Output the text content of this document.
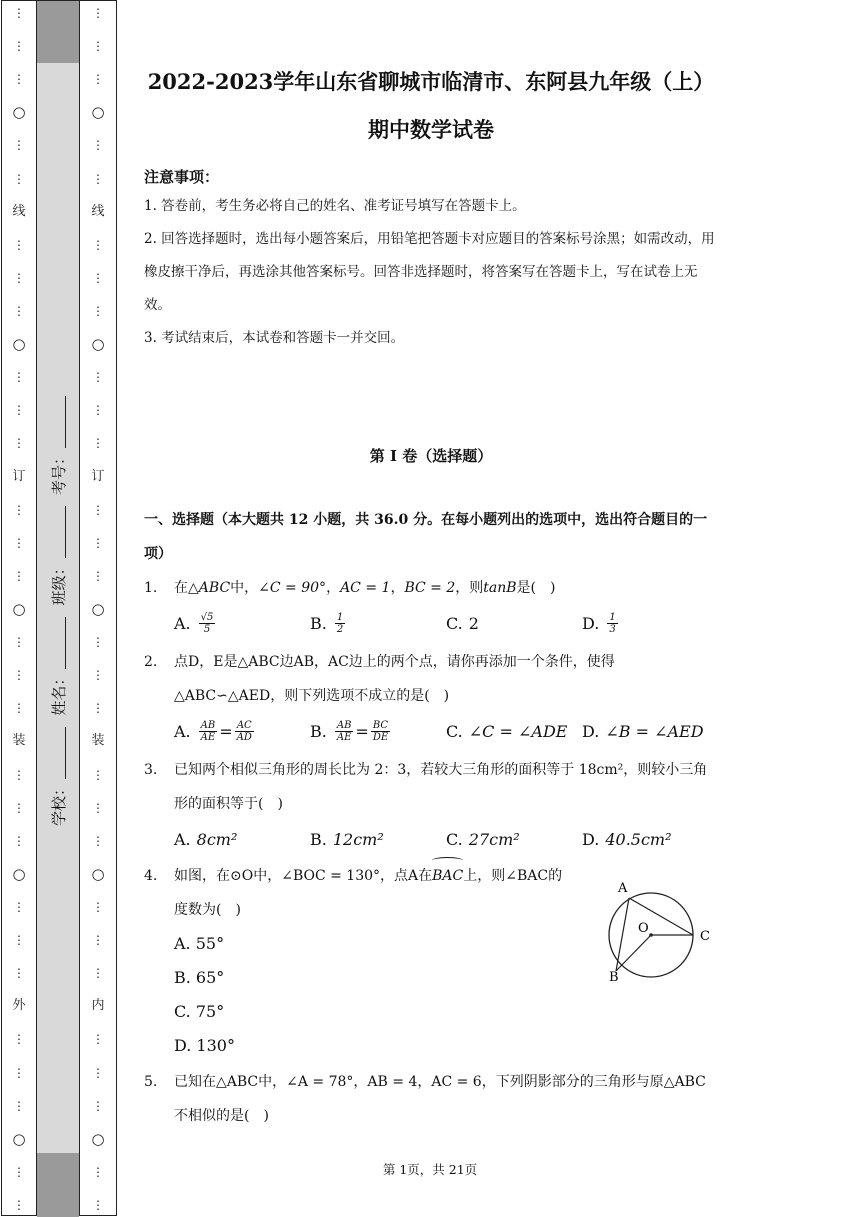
⋮
⋮
⋮
○
⋮
⋮
线
⋮
⋮
⋮
○
⋮
⋮
⋮
订
⋮
⋮
⋮
○
⋮
⋮
⋮
装
⋮
⋮
⋮
○
⋮
⋮
⋮
外
⋮
⋮
⋮
○
⋮
⋮
学校：
姓名：
班级：
考号：
⋮
⋮
⋮
○
⋮
⋮
线
⋮
⋮
⋮
○
⋮
⋮
⋮
订
⋮
⋮
⋮
○
⋮
⋮
⋮
装
⋮
⋮
⋮
○
⋮
⋮
⋮
内
⋮
⋮
⋮
○
⋮
⋮
2022-2023学年山东省聊城市临清市、东阿县九年级（上）
期中数学试卷
注意事项：

1. 答卷前，考生务必将自己的姓名、准考证号填写在答题卡上。

2. 回答选择题时，选出每小题答案后，用铅笔把答题卡对应题目的答案标号涂黑；如需改动，用橡皮擦干净后，再选涂其他答案标号。回答非选择题时，将答案写在答题卡上，写在试卷上无效。

3. 考试结束后，本试卷和答题卡一并交回。

第 I 卷（选择题）
一、选择题（本大题共 12 小题，共 36.0 分。在每小题列出的选项中，选出符合题目的一项）
1. 在△ABC中，∠C = 90°，AC = 1，BC = 2，则tanB是(　)
A. $\frac{√5}{5}$	B. $\frac{1}{2}$	C. 2	D. $\frac{1}{3}$
2. 点D，E是△ABC边AB，AC边上的两个点，请你再添加一个条件，使得△ABC∽△AED，则下列选项不成立的是(　)
A. $\frac{AB}{AE} = \frac{AC}{AD}$	B. $\frac{AB}{AE} = \frac{BC}{DE}$	C. ∠C = ∠ADE D. ∠B = ∠AED
3. 已知两个相似三角形的周长比为 2：3，若较大三角形的面积等于 18cm²，则较小三角形的面积等于(　)
A. 8cm²	B. 12cm²	C. 27cm²	D. 40.5cm²
4. 如图，在⊙O中，∠BOC = 130°，点A在BAC上，则∠BAC的度数为(　)
A. 55°
B. 65°
C. 75°
D. 130°
5. 已知在△ABC中，∠A = 78°，AB = 4，AC = 6，下列阴影部分的三角形与原△ABC不相似的是(　)
A
O
C
B
第 1页，共 21页
